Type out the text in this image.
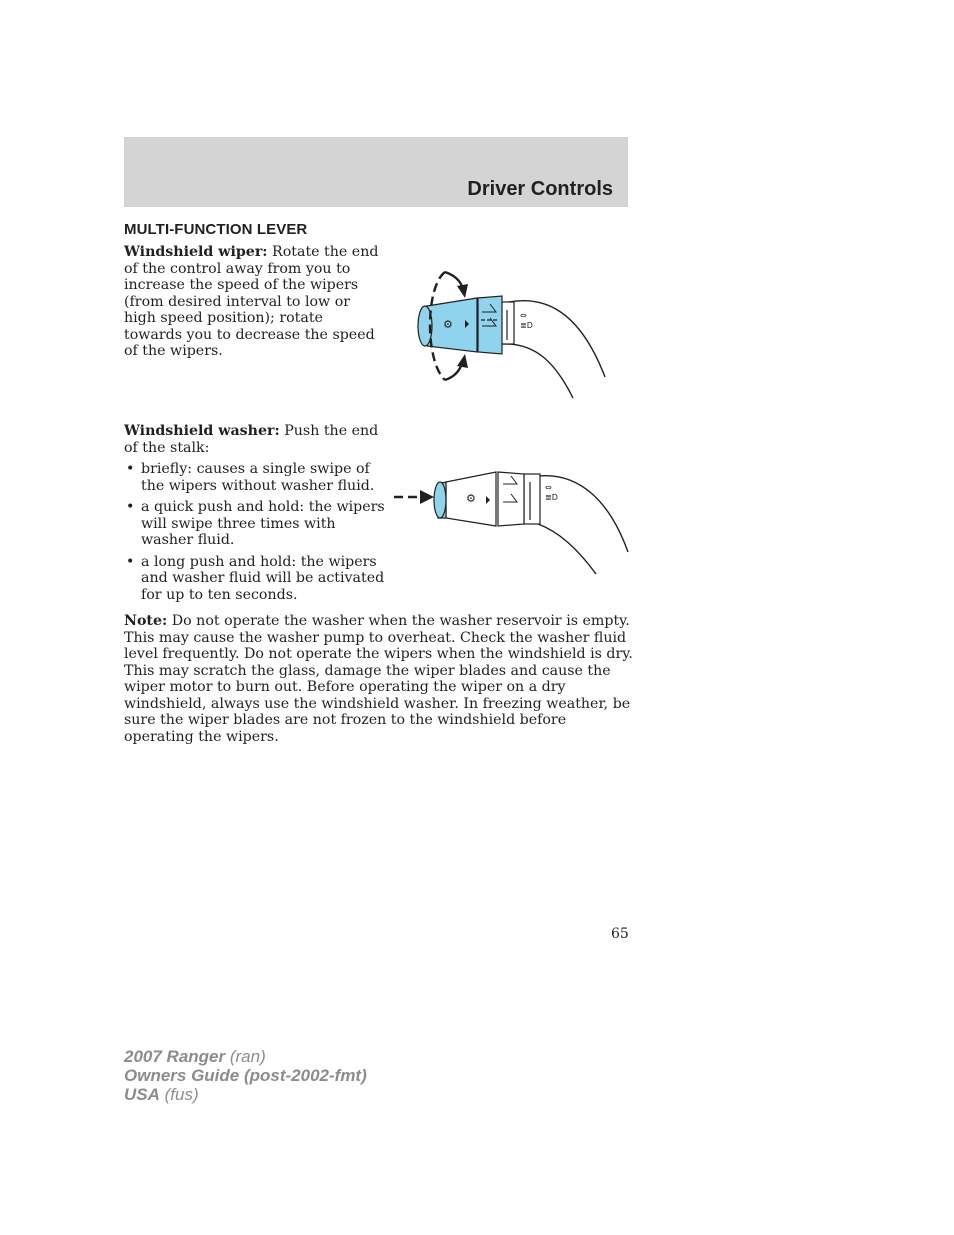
Driver Controls
MULTI-FUNCTION LEVER

Windshield wiper: Rotate the end of the control away from you to increase the speed of the wipers (from desired interval to low or high speed position); rotate towards you to decrease the speed of the wipers.

⚙
⇔
≣D

Windshield washer: Push the end of the stalk:

• briefly: causes a single swipe of the wipers without washer fluid.
• a quick push and hold: the wipers will swipe three times with washer fluid.
• a long push and hold: the wipers and washer fluid will be activated for up to ten seconds.
⚙
⇔
≣D

Note: Do not operate the washer when the washer reservoir is empty. This may cause the washer pump to overheat. Check the washer fluid level frequently. Do not operate the wipers when the windshield is dry. This may scratch the glass, damage the wiper blades and cause the wiper motor to burn out. Before operating the wiper on a dry windshield, always use the windshield washer. In freezing weather, be sure the wiper blades are not frozen to the windshield before operating the wipers.

65
2007 Ranger (ran)
Owners Guide (post-2002-fmt)
USA (fus)
